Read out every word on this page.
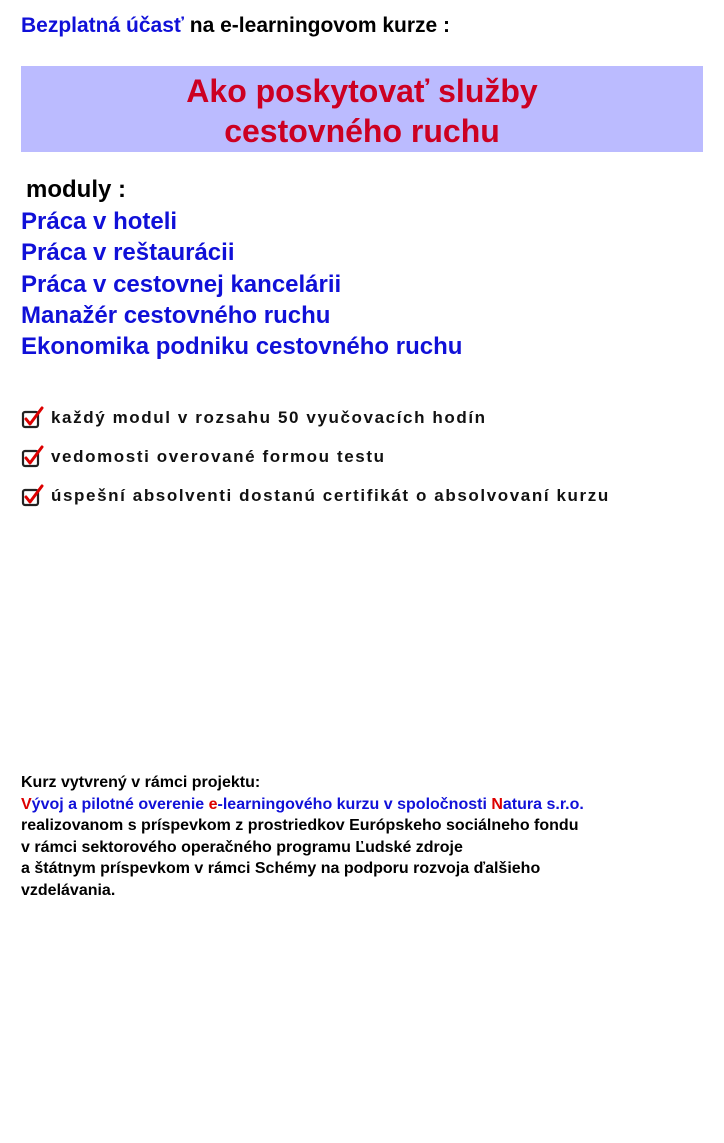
Bezplatná účasť na e-learningovom kurze :
Ako poskytovať služby
cestovného ruchu
moduly :
Práca v hoteli
Práca v reštaurácii
Práca v cestovnej kancelárii
Manažér cestovného ruchu
Ekonomika podniku cestovného ruchu
každý modul v rozsahu 50 vyučovacích hodín
vedomosti overované formou testu
úspešní absolventi dostanú certifikát o absolvovaní kurzu
Kurz vytvrený v rámci projektu:
Vývoj a pilotné overenie e-learningového kurzu v spoločnosti Natura s.r.o.
realizovanom s príspevkom z prostriedkov Európskeho sociálneho fondu
v rámci sektorového operačného programu Ľudské zdroje
a štátnym príspevkom v rámci Schémy na podporu rozvoja ďalšieho
vzdelávania.
